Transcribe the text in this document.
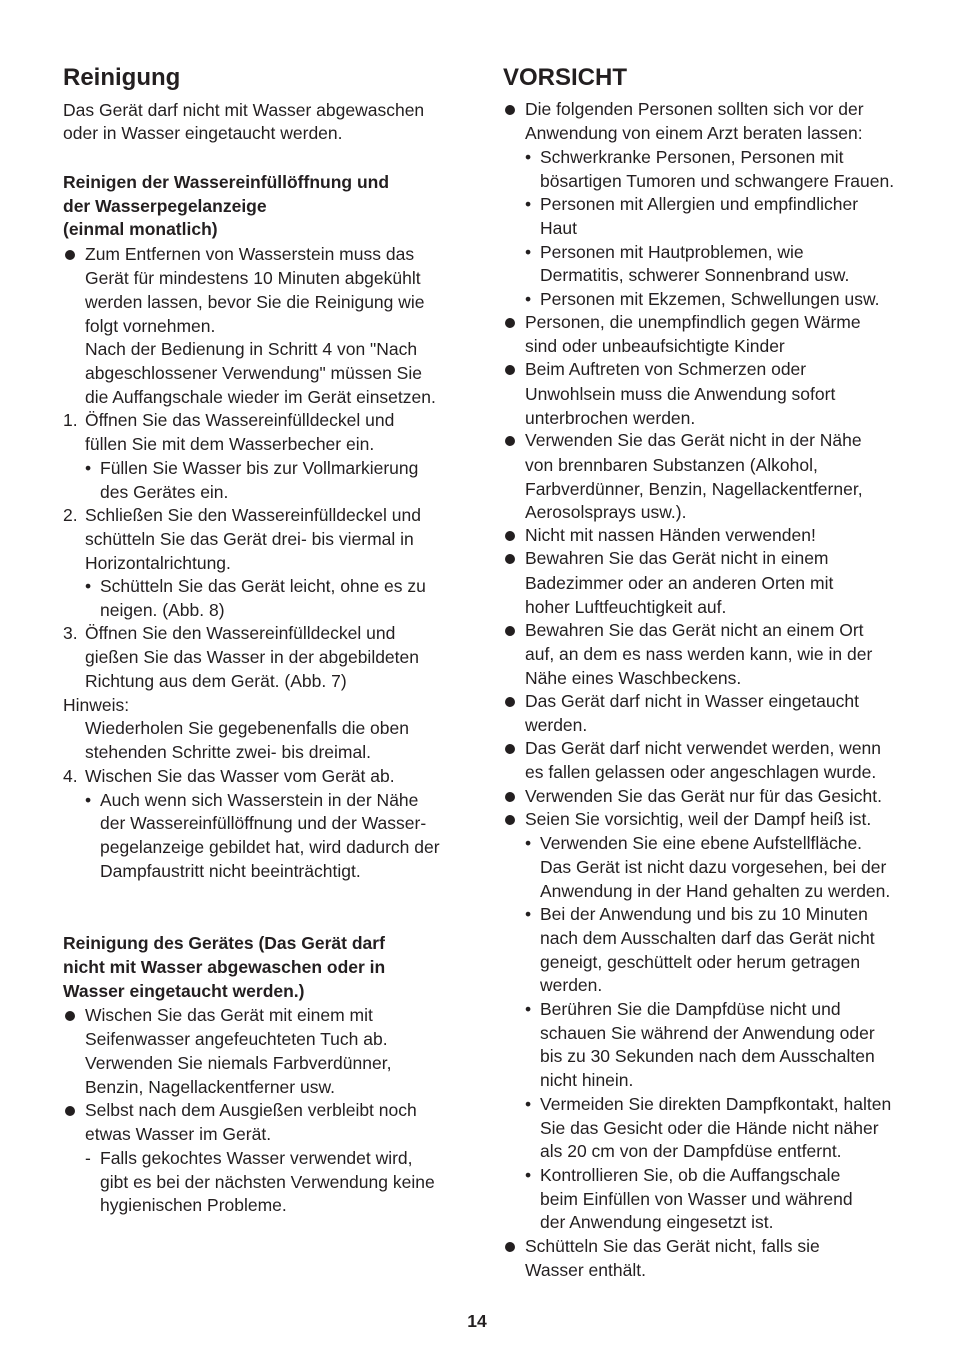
Reinigung
Das Gerät darf nicht mit Wasser abgewaschen
oder in Wasser eingetaucht werden.
Reinigen der Wassereinfüllöffnung und
der Wasserpegelanzeige
(einmal monatlich)
Zum Entfernen von Wasserstein muss das
Gerät für mindestens 10 Minuten abgekühlt
werden lassen, bevor Sie die Reinigung wie
folgt vornehmen.
Nach der Bedienung in Schritt 4 von "Nach
abgeschlossener Verwendung" müssen Sie
die Auffangschale wieder im Gerät einsetzen.
1. Öffnen Sie das Wassereinfülldeckel und
füllen Sie mit dem Wasserbecher ein.
• Füllen Sie Wasser bis zur Vollmarkierung
des Gerätes ein.
2. Schließen Sie den Wassereinfülldeckel und
schütteln Sie das Gerät drei- bis viermal in
Horizontalrichtung.
• Schütteln Sie das Gerät leicht, ohne es zu
neigen. (Abb. 8)
3. Öffnen Sie den Wassereinfülldeckel und
gießen Sie das Wasser in der abgebildeten
Richtung aus dem Gerät. (Abb. 7)
Hinweis:
Wiederholen Sie gegebenenfalls die oben
stehenden Schritte zwei- bis dreimal.
4. Wischen Sie das Wasser vom Gerät ab.
• Auch wenn sich Wasserstein in der Nähe
der Wassereinfüllöffnung und der Wasser-
pegelanzeige gebildet hat, wird dadurch der
Dampfaustritt nicht beeinträchtigt.
Reinigung des Gerätes (Das Gerät darf
nicht mit Wasser abgewaschen oder in
Wasser eingetaucht werden.)
Wischen Sie das Gerät mit einem mit
Seifenwasser angefeuchteten Tuch ab.
Verwenden Sie niemals Farbverdünner,
Benzin, Nagellackentferner usw.
Selbst nach dem Ausgießen verbleibt noch
etwas Wasser im Gerät.
- Falls gekochtes Wasser verwendet wird,
gibt es bei der nächsten Verwendung keine
hygienischen Probleme.
VORSICHT
Die folgenden Personen sollten sich vor der
Anwendung von einem Arzt beraten lassen:
• Schwerkranke Personen, Personen mit
bösartigen Tumoren und schwangere Frauen.
• Personen mit Allergien und empfindlicher
Haut
• Personen mit Hautproblemen, wie
Dermatitis, schwerer Sonnenbrand usw.
• Personen mit Ekzemen, Schwellungen usw.
Personen, die unempfindlich gegen Wärme
sind oder unbeaufsichtigte Kinder
Beim Auftreten von Schmerzen oder
Unwohlsein muss die Anwendung sofort
unterbrochen werden.
Verwenden Sie das Gerät nicht in der Nähe
von brennbaren Substanzen (Alkohol,
Farbverdünner, Benzin, Nagellackentferner,
Aerosolsprays usw.).
Nicht mit nassen Händen verwenden!
Bewahren Sie das Gerät nicht in einem
Badezimmer oder an anderen Orten mit
hoher Luftfeuchtigkeit auf.
Bewahren Sie das Gerät nicht an einem Ort
auf, an dem es nass werden kann, wie in der
Nähe eines Waschbeckens.
Das Gerät darf nicht in Wasser eingetaucht
werden.
Das Gerät darf nicht verwendet werden, wenn
es fallen gelassen oder angeschlagen wurde.
Verwenden Sie das Gerät nur für das Gesicht.
Seien Sie vorsichtig, weil der Dampf heiß ist.
• Verwenden Sie eine ebene Aufstellfläche.
Das Gerät ist nicht dazu vorgesehen, bei der
Anwendung in der Hand gehalten zu werden.
• Bei der Anwendung und bis zu 10 Minuten
nach dem Ausschalten darf das Gerät nicht
geneigt, geschüttelt oder herum getragen
werden.
• Berühren Sie die Dampfdüse nicht und
schauen Sie während der Anwendung oder
bis zu 30 Sekunden nach dem Ausschalten
nicht hinein.
• Vermeiden Sie direkten Dampfkontakt, halten
Sie das Gesicht oder die Hände nicht näher
als 20 cm von der Dampfdüse entfernt.
• Kontrollieren Sie, ob die Auffangschale
beim Einfüllen von Wasser und während
der Anwendung eingesetzt ist.
Schütteln Sie das Gerät nicht, falls sie
Wasser enthält.
14
